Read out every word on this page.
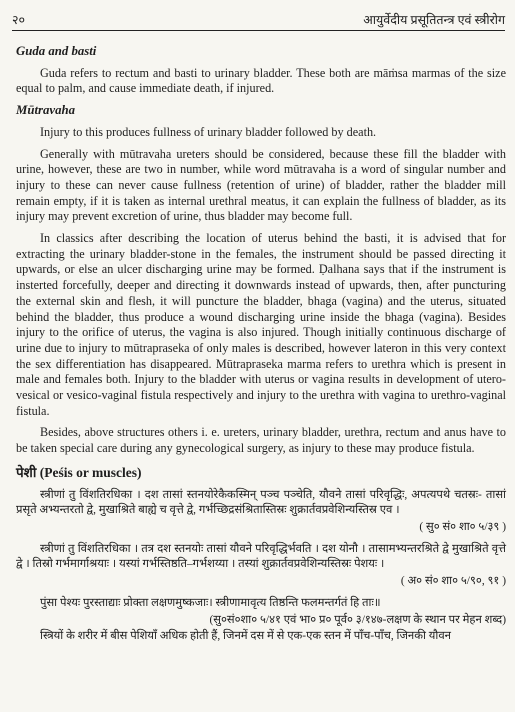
२०	आयुर्वेदीय प्रसूतितन्त्र एवं स्त्रीरोग
Guda and basti

Guda refers to rectum and basti to urinary bladder. These both are māṁsa marmas of the size equal to palm, and cause immediate death, if injured.

Mūtravaha

Injury to this produces fullness of urinary bladder followed by death.

Generally with mūtravaha ureters should be considered, because these fill the bladder with urine, however, these are two in number, while word mūtravaha is a word of singular number and injury to these can never cause fullness (retention of urine) of bladder, rather the bladder mill remain empty, if it is taken as internal urethral meatus, it can explain the fullness of bladder, as its injury may prevent excretion of urine, thus bladder may become full.

In classics after describing the location of uterus behind the basti, it is advised that for extracting the urinary bladder-stone in the females, the instrument should be passed directing it upwards, or else an ulcer discharging urine may be formed. Ḍalhana says that if the instrument is insterted forcefully, deeper and directing it downwards instead of upwards, then, after puncturing the external skin and flesh, it will puncture the bladder, bhaga (vagina) and the uterus, situated behind the bladder, thus produce a wound discharging urine inside the bhaga (vagina). Besides injury to the orifice of uterus, the vagina is also injured. Though initially continuous discharge of urine due to injury to mūtrapraseka of only males is described, however lateron in this very context the sex differentiation has disappeared. Mūtrapraseka marma refers to urethra which is present in male and females both. Injury to the bladder with uterus or vagina results in development of utero-vesical or vesico-vaginal fistula respectively and injury to the urethra with vagina to urethro-vaginal fistula.

Besides, above structures others i. e. ureters, urinary bladder, urethra, rectum and anus have to be taken special care during any gynecological surgery, as injury to these may produce fistula.

पेशी (Peśis or muscles)

स्त्रीणां तु विंशतिरधिका । दश तासां स्तनयोरेकैकस्मिन् पञ्च पञ्चेति, यौवने तासां परिवृद्धिः, अपत्यपथे चतस्रः- तासां प्रसृते अभ्यन्तरतो द्वे, मुखाश्रिते बाह्ये च वृत्ते द्वे, गर्भच्छिद्रसंश्रितास्तिस्रः शुक्रार्तवप्रवेशिन्यस्तिस्र एव ।

( सु० सं० शा० ५/३९ )

स्त्रीणां तु विंशतिरधिका । तत्र दश स्तनयोः तासां यौवने परिवृद्धिर्भवति । दश योनौ । तासामभ्यन्तरश्रिते द्वे मुखाश्रिते वृत्ते द्वे । तिस्रो गर्भमार्गाश्रयाः । यस्यां गर्भस्तिष्ठति–गर्भशय्या । तस्यां शुक्रार्तवप्रवेशिन्यस्तिस्रः पेशयः ।

( अ० सं० शा० ५/९०, ९१ )

पुंसा पेश्यः पुरस्ताद्याः प्रोक्ता लक्षणमुष्कजाः। स्त्रीणामावृत्य तिष्ठन्ति फलमन्तर्गतं हि ताः॥

(सु०सं०शा० ५/४१ एवं भा० प्र० पूर्व० ३/१४७-लक्षण के स्थान पर मेहन शब्द)

स्त्रियों के शरीर में बीस पेशियाँ अधिक होती हैं, जिनमें दस में से एक-एक स्तन में पाँच-पाँच, जिनकी यौवन
